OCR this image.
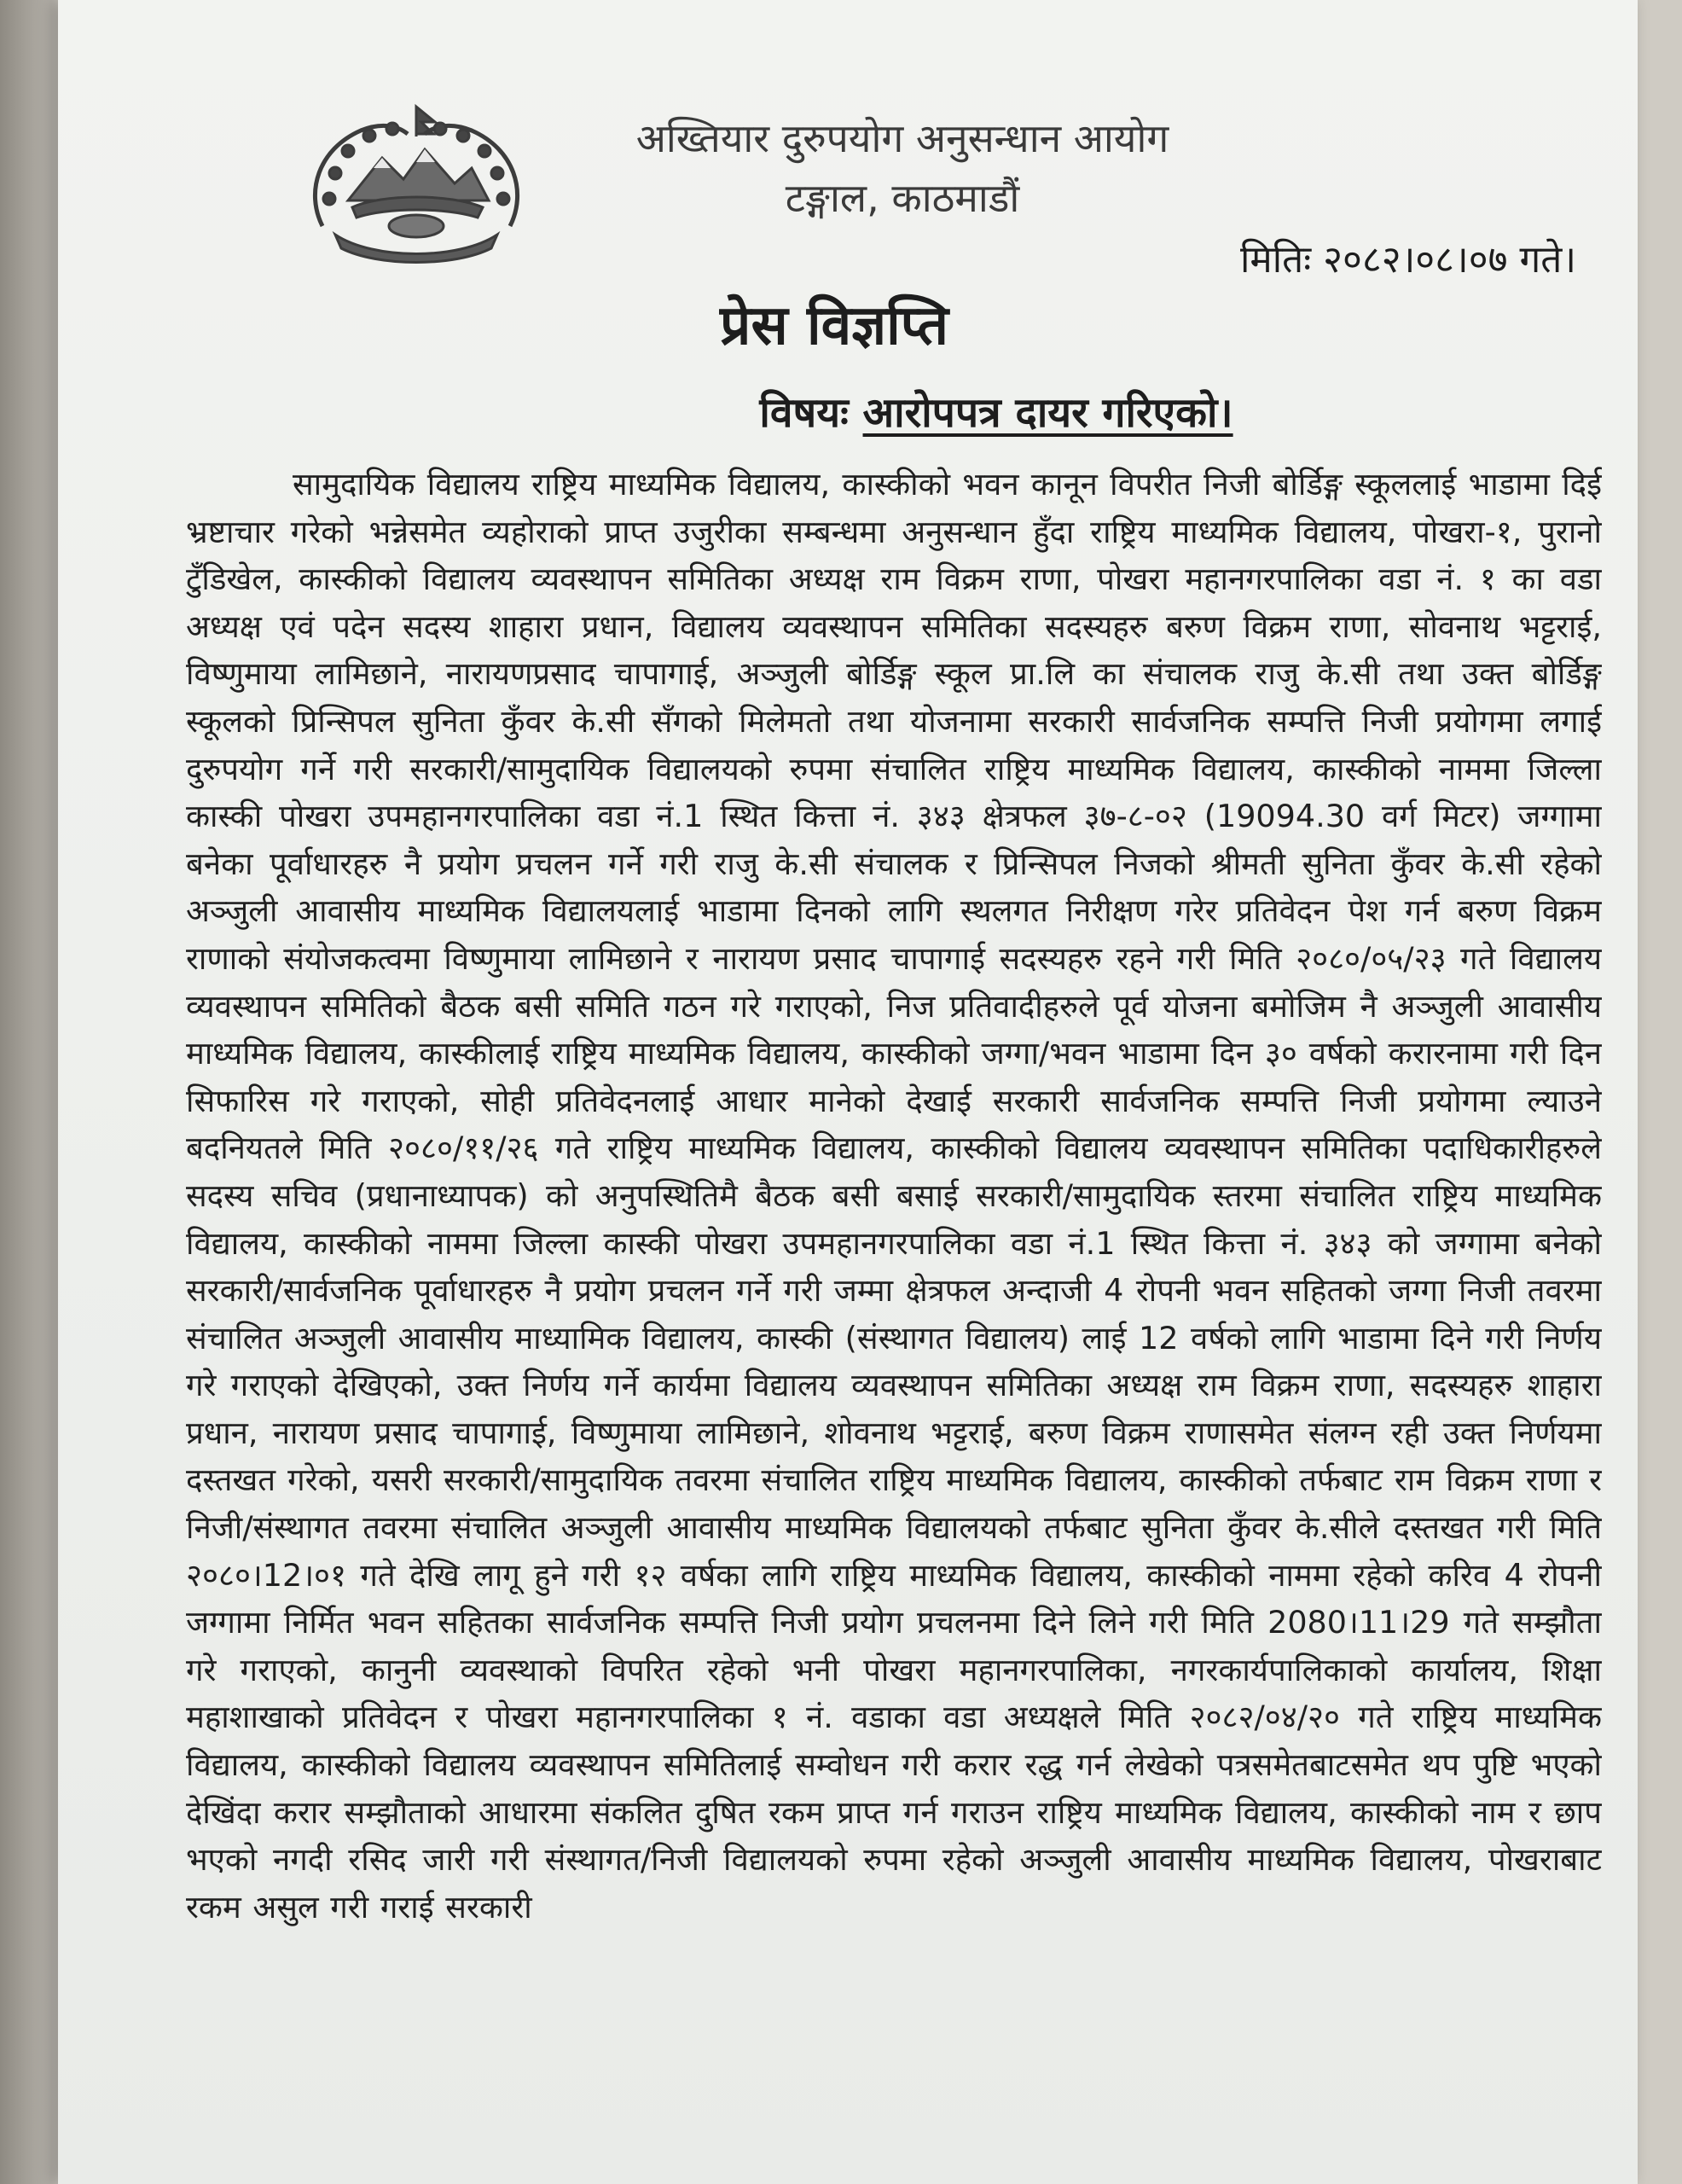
अख्तियार दुरुपयोग अनुसन्धान आयोग
टङ्गाल, काठमाडौं
मितिः २०८२।०८।०७ गते।
प्रेस विज्ञप्ति
विषयः आरोपपत्र दायर गरिएको।

सामुदायिक विद्यालय राष्ट्रिय माध्यमिक विद्यालय, कास्कीको भवन कानून विपरीत निजी बोर्डिङ्ग स्कूललाई भाडामा दिई भ्रष्टाचार गरेको भन्नेसमेत व्यहोराको प्राप्त उजुरीका सम्बन्धमा अनुसन्धान हुँदा राष्ट्रिय माध्यमिक विद्यालय, पोखरा-१, पुरानो टुँडिखेल, कास्कीको विद्यालय व्यवस्थापन समितिका अध्यक्ष राम विक्रम राणा, पोखरा महानगरपालिका वडा नं. १ का वडा अध्यक्ष एवं पदेन सदस्य शाहारा प्रधान, विद्यालय व्यवस्थापन समितिका सदस्यहरु बरुण विक्रम राणा, सोवनाथ भट्टराई, विष्णुमाया लामिछाने, नारायणप्रसाद चापागाई, अञ्जुली बोर्डिङ्ग स्कूल प्रा.लि का संचालक राजु के.सी तथा उक्त बोर्डिङ्ग स्कूलको प्रिन्सिपल सुनिता कुँवर के.सी सँगको मिलेमतो तथा योजनामा सरकारी सार्वजनिक सम्पत्ति निजी प्रयोगमा लगाई दुरुपयोग गर्ने गरी सरकारी/सामुदायिक विद्यालयको रुपमा संचालित राष्ट्रिय माध्यमिक विद्यालय, कास्कीको नाममा जिल्ला कास्की पोखरा उपमहानगरपालिका वडा नं.1 स्थित कित्ता नं. ३४३ क्षेत्रफल ३७-८-०२ (19094.30 वर्ग मिटर) जग्गामा बनेका पूर्वाधारहरु नै प्रयोग प्रचलन गर्ने गरी राजु के.सी संचालक र प्रिन्सिपल निजको श्रीमती सुनिता कुँवर के.सी रहेको अञ्जुली आवासीय माध्यमिक विद्यालयलाई भाडामा दिनको लागि स्थलगत निरीक्षण गरेर प्रतिवेदन पेश गर्न बरुण विक्रम राणाको संयोजकत्वमा विष्णुमाया लामिछाने र नारायण प्रसाद चापागाई सदस्यहरु रहने गरी मिति २०८०/०५/२३ गते विद्यालय व्यवस्थापन समितिको बैठक बसी समिति गठन गरे गराएको, निज प्रतिवादीहरुले पूर्व योजना बमोजिम नै अञ्जुली आवासीय माध्यमिक विद्यालय, कास्कीलाई राष्ट्रिय माध्यमिक विद्यालय, कास्कीको जग्गा/भवन भाडामा दिन ३० वर्षको करारनामा गरी दिन सिफारिस गरे गराएको, सोही प्रतिवेदनलाई आधार मानेको देखाई सरकारी सार्वजनिक सम्पत्ति निजी प्रयोगमा ल्याउने बदनियतले मिति २०८०/११/२६ गते राष्ट्रिय माध्यमिक विद्यालय, कास्कीको विद्यालय व्यवस्थापन समितिका पदाधिकारीहरुले सदस्य सचिव (प्रधानाध्यापक) को अनुपस्थितिमै बैठक बसी बसाई सरकारी/सामुदायिक स्तरमा संचालित राष्ट्रिय माध्यमिक विद्यालय, कास्कीको नाममा जिल्ला कास्की पोखरा उपमहानगरपालिका वडा नं.1 स्थित कित्ता नं. ३४३ को जग्गामा बनेको सरकारी/सार्वजनिक पूर्वाधारहरु नै प्रयोग प्रचलन गर्ने गरी जम्मा क्षेत्रफल अन्दाजी 4 रोपनी भवन सहितको जग्गा निजी तवरमा संचालित अञ्जुली आवासीय माध्यामिक विद्यालय, कास्की (संस्थागत विद्यालय) लाई 12 वर्षको लागि भाडामा दिने गरी निर्णय गरे गराएको देखिएको, उक्त निर्णय गर्ने कार्यमा विद्यालय व्यवस्थापन समितिका अध्यक्ष राम विक्रम राणा, सदस्यहरु शाहारा प्रधान, नारायण प्रसाद चापागाई, विष्णुमाया लामिछाने, शोवनाथ भट्टराई, बरुण विक्रम राणासमेत संलग्न रही उक्त निर्णयमा दस्तखत गरेको, यसरी सरकारी/सामुदायिक तवरमा संचालित राष्ट्रिय माध्यमिक विद्यालय, कास्कीको तर्फबाट राम विक्रम राणा र निजी/संस्थागत तवरमा संचालित अञ्जुली आवासीय माध्यमिक विद्यालयको तर्फबाट सुनिता कुँवर के.सीले दस्तखत गरी मिति २०८०।12।०१ गते देखि लागू हुने गरी १२ वर्षका लागि राष्ट्रिय माध्यमिक विद्यालय, कास्कीको नाममा रहेको करिव 4 रोपनी जग्गामा निर्मित भवन सहितका सार्वजनिक सम्पत्ति निजी प्रयोग प्रचलनमा दिने लिने गरी मिति 2080।11।29 गते सम्झौता गरे गराएको, कानुनी व्यवस्थाको विपरित रहेको भनी पोखरा महानगरपालिका, नगरकार्यपालिकाको कार्यालय, शिक्षा महाशाखाको प्रतिवेदन र पोखरा महानगरपालिका १ नं. वडाका वडा अध्यक्षले मिति २०८२/०४/२० गते राष्ट्रिय माध्यमिक विद्यालय, कास्कीको विद्यालय व्यवस्थापन समितिलाई सम्वोधन गरी करार रद्ध गर्न लेखेको पत्रसमेतबाटसमेत थप पुष्टि भएको देखिंदा करार सम्झौताको आधारमा संकलित दुषित रकम प्राप्त गर्न गराउन राष्ट्रिय माध्यमिक विद्यालय, कास्कीको नाम र छाप भएको नगदी रसिद जारी गरी संस्थागत/निजी विद्यालयको रुपमा रहेको अञ्जुली आवासीय माध्यमिक विद्यालय, पोखराबाट रकम असुल गरी गराई सरकारी
